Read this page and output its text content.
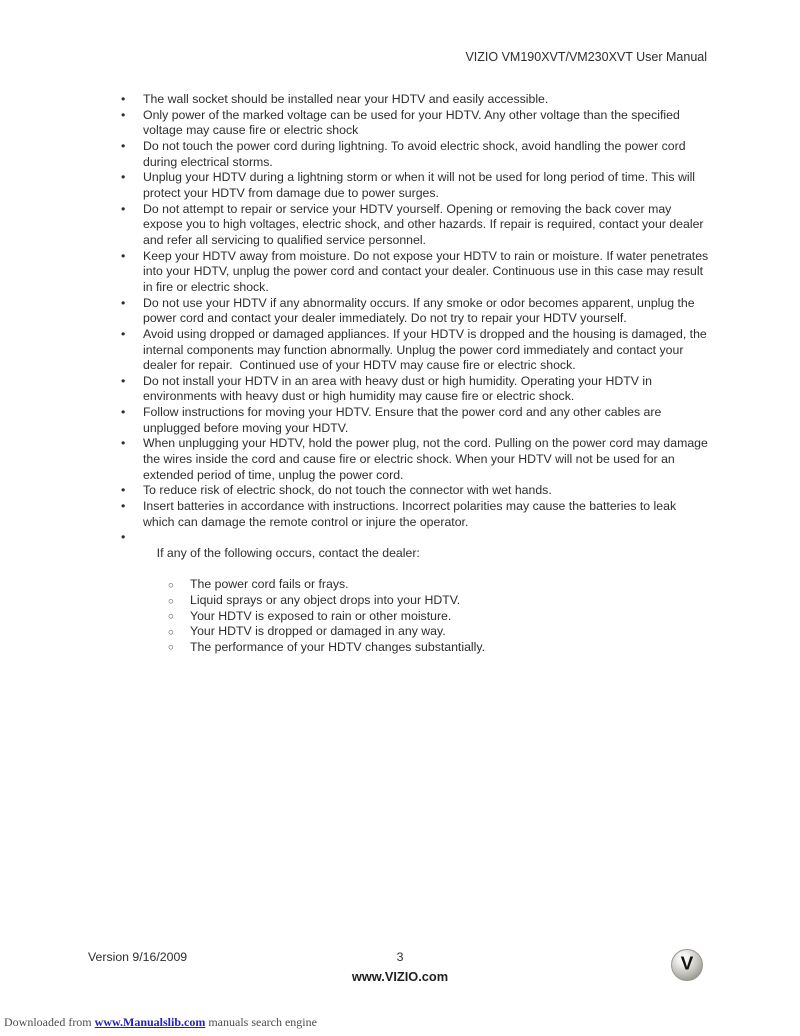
VIZIO VM190XVT/VM230XVT User Manual
• The wall socket should be installed near your HDTV and easily accessible.
• Only power of the marked voltage can be used for your HDTV. Any other voltage than the specified voltage may cause fire or electric shock
• Do not touch the power cord during lightning. To avoid electric shock, avoid handling the power cord during electrical storms.
• Unplug your HDTV during a lightning storm or when it will not be used for long period of time. This will protect your HDTV from damage due to power surges.
• Do not attempt to repair or service your HDTV yourself. Opening or removing the back cover may expose you to high voltages, electric shock, and other hazards. If repair is required, contact your dealer and refer all servicing to qualified service personnel.
• Keep your HDTV away from moisture. Do not expose your HDTV to rain or moisture. If water penetrates into your HDTV, unplug the power cord and contact your dealer. Continuous use in this case may result in fire or electric shock.
• Do not use your HDTV if any abnormality occurs. If any smoke or odor becomes apparent, unplug the power cord and contact your dealer immediately. Do not try to repair your HDTV yourself.
• Avoid using dropped or damaged appliances. If your HDTV is dropped and the housing is damaged, the internal components may function abnormally. Unplug the power cord immediately and contact your dealer for repair.  Continued use of your HDTV may cause fire or electric shock.
• Do not install your HDTV in an area with heavy dust or high humidity. Operating your HDTV in environments with heavy dust or high humidity may cause fire or electric shock.
• Follow instructions for moving your HDTV. Ensure that the power cord and any other cables are unplugged before moving your HDTV.
• When unplugging your HDTV, hold the power plug, not the cord. Pulling on the power cord may damage the wires inside the cord and cause fire or electric shock. When your HDTV will not be used for an extended period of time, unplug the power cord.
• To reduce risk of electric shock, do not touch the connector with wet hands.
• Insert batteries in accordance with instructions. Incorrect polarities may cause the batteries to leak which can damage the remote control or injure the operator.

• If any of the following occurs, contact the dealer:

○ The power cord fails or frays.
○ Liquid sprays or any object drops into your HDTV.
○ Your HDTV is exposed to rain or other moisture.
○ Your HDTV is dropped or damaged in any way.
○ The performance of your HDTV changes substantially.

Version 9/16/2009	3
www.VIZIO.com
V
Downloaded from www.Manualslib.com manuals search engine
